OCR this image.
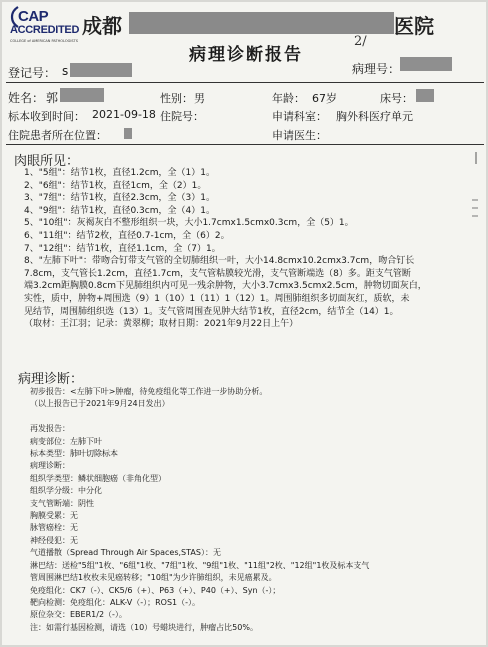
CAP
ACCREDITED
COLLEGE of AMERICAN PATHOLOGISTS
成都	医院
病理诊断报告
2/
登记号： s	病理号：
姓名： 郭	性别： 男	年龄： 67岁	床号：
标本收到时间： 2021-09-18 住院号：	申请科室： 胸外科医疗单元
住院患者所在位置：	申请医生：
肉眼所见：
1、"5组"：结节1枚，直径1.2cm，全（1）1。
2、"6组"：结节1枚，直径1cm，全（2）1。
3、"7组"：结节1枚，直径2.3cm，全（3）1。
4、"9组"：结节1枚，直径0.3cm，全（4）1。
5、"10组"：灰褐灰白不整形组织一块，大小1.7cmx1.5cmx0.3cm，全（5）1。
6、"11组"：结节2枚，直径0.7-1cm，全（6）2。
7、"12组"：结节1枚，直径1.1cm，全（7）1。
8、"左肺下叶"：带吻合钉带支气管的全切肺组织一叶，大小14.8cmx10.2cmx3.7cm，吻合钉长
7.8cm，支气管长1.2cm，直径1.7cm，支气管粘膜较光滑，支气管断端选（8）多。距支气管断
端3.2cm距胸膜0.8cm下见肺组织内可见一残余肿物，大小3.7cmx3.5cmx2.5cm，肿物切面灰白，
实性，质中，肿物+周围选（9）1（10）1（11）1（12）1。周围肺组织多切面灰红，质软，未
见结节，周围肺组织选（13）1。支气管周围查见肿大结节1枚，直径2cm，结节全（14）1。
（取材：王江羽；记录：黄翠柳；取材日期：2021年9月22日上午）
病理诊断：
初步报告：<左肺下叶>肿瘤，待免疫组化等工作进一步协助分析。
（以上报告已于2021年9月24日发出）

再发报告：
病变部位：左肺下叶
标本类型：肺叶切除标本
病理诊断：
组织学类型：鳞状细胞癌（非角化型）
组织学分级：中分化
支气管断端：阴性
胸膜受累：无
脉管癌栓：无
神经侵犯：无
气道播散（Spread Through Air Spaces,STAS）：无
淋巴结：送检"5组"1枚、"6组"1枚、"7组"1枚、"9组"1枚、"11组"2枚、"12组"1枚及标本支气
管周围淋巴结1枚枚未见癌转移；"10组"为少许肺组织，未见癌累及。
免疫组化：CK7（-）、CK5/6（+）、P63（+）、P40（+）、Syn（-）；
靶向检测：免疫组化：ALK-V（-）；ROS1（-）。
原位杂交：EBER1/2（-）。
注：如需行基因检测，请选（10）号蜡块进行，肿瘤占比50%。
